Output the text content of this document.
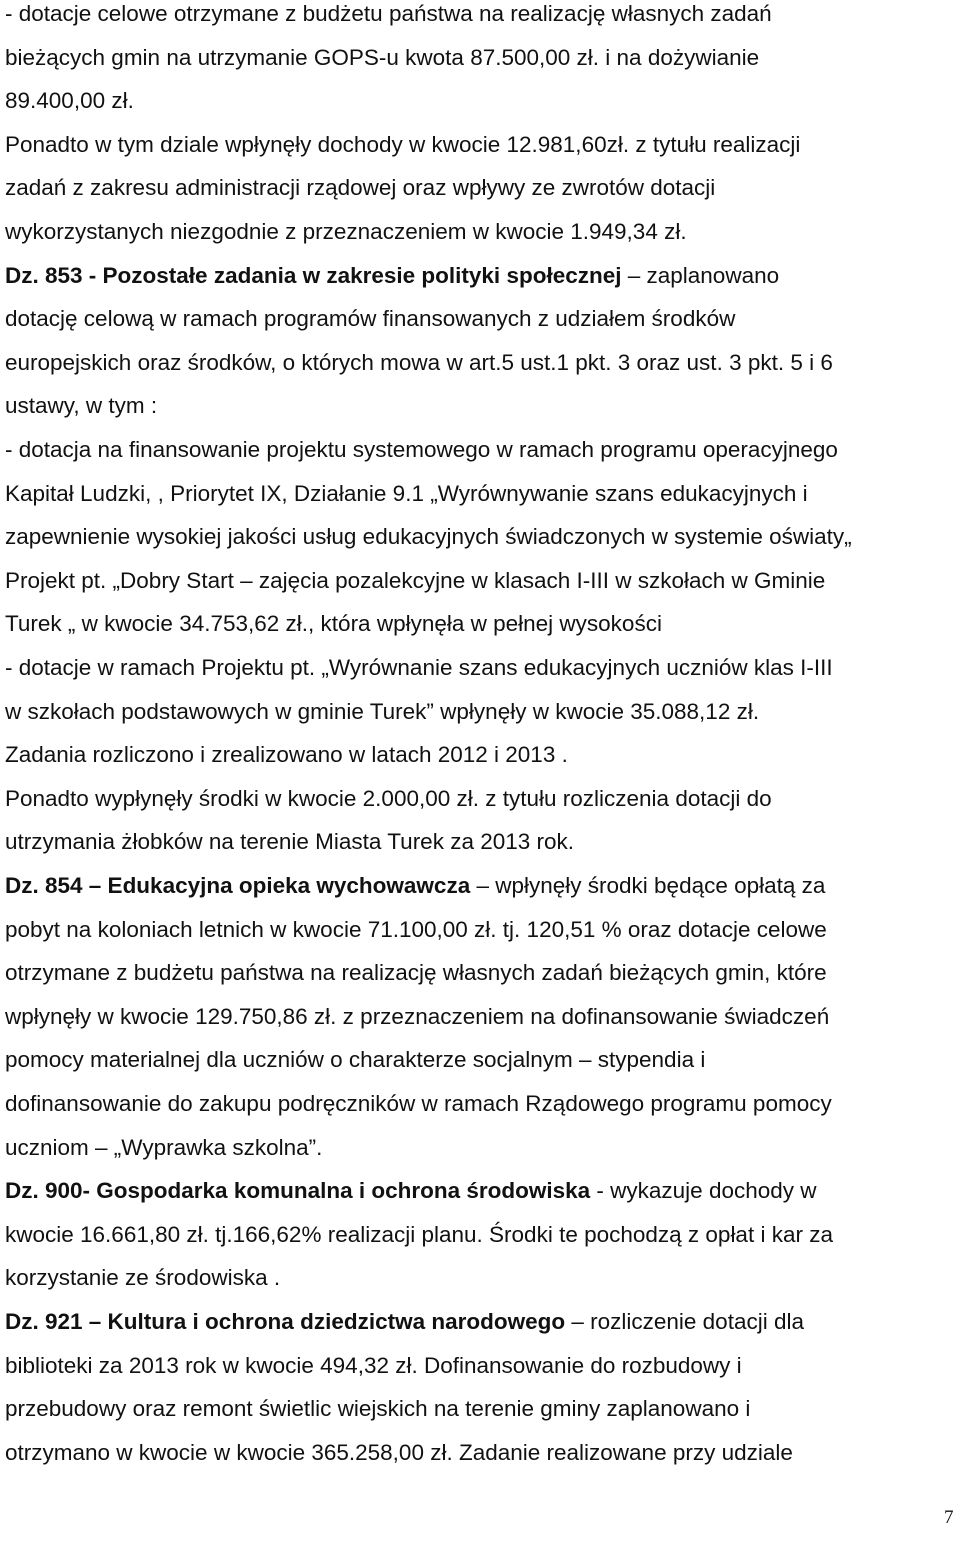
- dotacje celowe otrzymane z budżetu państwa na realizację własnych zadań
bieżących gmin na utrzymanie GOPS-u kwota 87.500,00 zł. i na dożywianie
89.400,00 zł.
Ponadto w tym dziale wpłynęły dochody w kwocie 12.981,60zł. z tytułu realizacji
zadań z zakresu administracji rządowej oraz wpływy ze zwrotów dotacji
wykorzystanych niezgodnie z przeznaczeniem w kwocie 1.949,34 zł.
Dz. 853 - Pozostałe zadania w zakresie polityki społecznej – zaplanowano
dotację celową w ramach programów finansowanych z udziałem środków
europejskich oraz środków, o których mowa w art.5 ust.1 pkt. 3 oraz ust. 3 pkt. 5 i 6
ustawy, w tym :
- dotacja na finansowanie projektu systemowego w ramach programu operacyjnego
Kapitał Ludzki, , Priorytet IX, Działanie 9.1 „Wyrównywanie szans edukacyjnych i
zapewnienie wysokiej jakości usług edukacyjnych świadczonych w systemie oświaty„
Projekt pt. „Dobry Start – zajęcia pozalekcyjne w klasach I-III w szkołach w Gminie
Turek „ w kwocie 34.753,62 zł., która wpłynęła w pełnej wysokości
- dotacje w ramach Projektu pt. „Wyrównanie szans edukacyjnych uczniów klas I-III
w szkołach podstawowych w gminie Turek” wpłynęły w kwocie 35.088,12 zł.
Zadania rozliczono i zrealizowano w latach 2012 i 2013 .
Ponadto wypłynęły środki w kwocie 2.000,00 zł. z tytułu rozliczenia dotacji do
utrzymania żłobków na terenie Miasta Turek za 2013 rok.
Dz. 854 – Edukacyjna opieka wychowawcza – wpłynęły środki będące opłatą za
pobyt na koloniach letnich w kwocie 71.100,00 zł. tj. 120,51 % oraz dotacje celowe
otrzymane z budżetu państwa na realizację własnych zadań bieżących gmin, które
wpłynęły w kwocie 129.750,86 zł. z przeznaczeniem na dofinansowanie świadczeń
pomocy materialnej dla uczniów o charakterze socjalnym – stypendia i
dofinansowanie do zakupu podręczników w ramach Rządowego programu pomocy
uczniom – „Wyprawka szkolna”.
Dz. 900- Gospodarka komunalna i ochrona środowiska - wykazuje dochody w
kwocie 16.661,80 zł. tj.166,62% realizacji planu. Środki te pochodzą z opłat i kar za
korzystanie ze środowiska .
Dz. 921 – Kultura i ochrona dziedzictwa narodowego – rozliczenie dotacji dla
biblioteki za 2013 rok w kwocie 494,32 zł. Dofinansowanie do rozbudowy i
przebudowy oraz remont świetlic wiejskich na terenie gminy zaplanowano i
otrzymano w kwocie w kwocie 365.258,00 zł. Zadanie realizowane przy udziale
7
